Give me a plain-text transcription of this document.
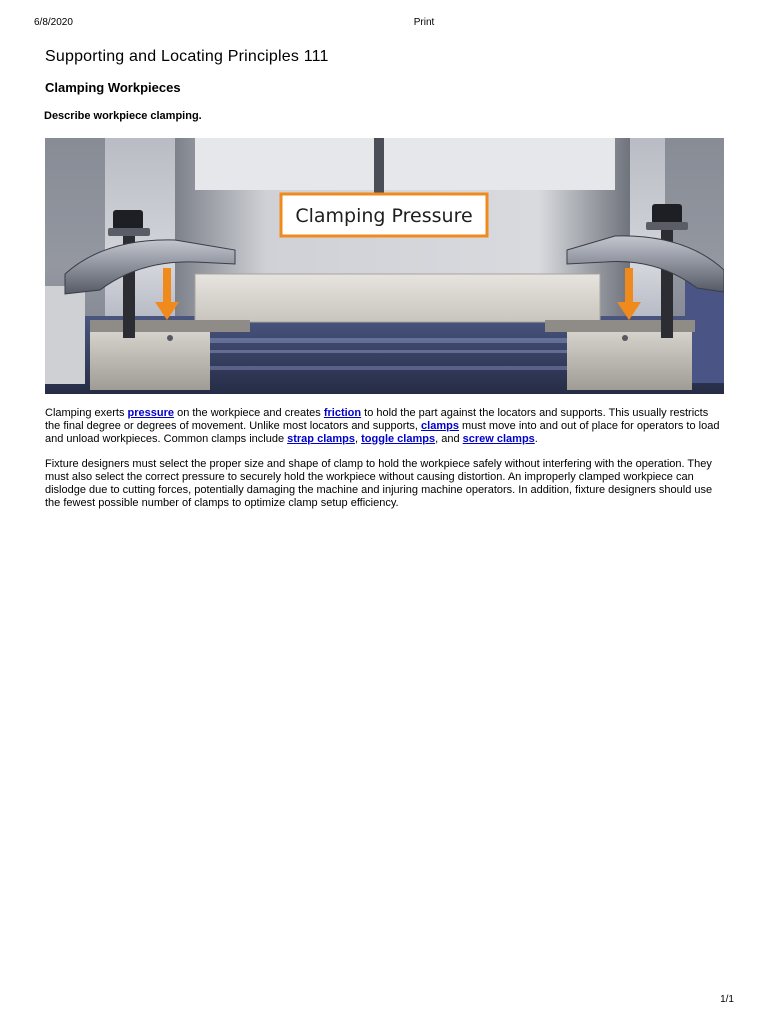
6/8/2020	Print
Supporting and Locating Principles 111
Clamping Workpieces
Describe workpiece clamping.
Clamping Pressure

Clamping exerts pressure on the workpiece and creates friction to hold the part against the locators and supports. This usually restricts the final degree or degrees of movement. Unlike most locators and supports, clamps must move into and out of place for operators to load and unload workpieces. Common clamps include strap clamps, toggle clamps, and screw clamps.

Fixture designers must select the proper size and shape of clamp to hold the workpiece safely without interfering with the operation. They must also select the correct pressure to securely hold the workpiece without causing distortion. An improperly clamped workpiece can dislodge due to cutting forces, potentially damaging the machine and injuring machine operators. In addition, fixture designers should use the fewest possible number of clamps to optimize clamp setup efficiency.

1/1
